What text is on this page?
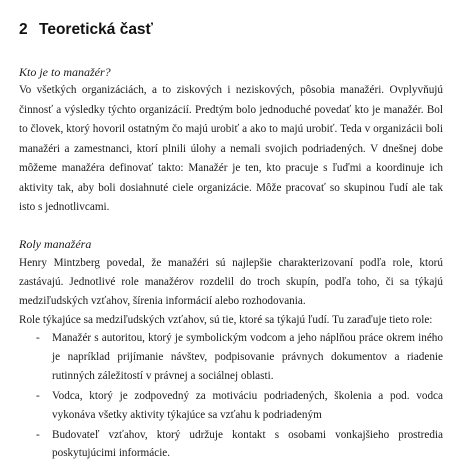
2 Teoretická časť

Kto je to manažér?

Vo všetkých organizáciách, a to ziskových i neziskových, pôsobia manažéri. Ovplyvňujú

činnosť a výsledky týchto organizácií. Predtým bolo jednoduché povedať kto je manažér. Bol

to človek, ktorý hovoril ostatným čo majú urobiť a ako to majú urobiť. Teda v organizácii boli

manažéri a zamestnanci, ktorí plnili úlohy a nemali svojich podriadených. V dnešnej dobe

môžeme manažéra definovať takto: Manažér je ten, kto pracuje s ľuďmi a koordinuje ich

aktivity tak, aby boli dosiahnuté ciele organizácie. Môže pracovať so skupinou ľudí ale tak

isto s jednotlivcami.

Roly manažéra

Henry Mintzberg povedal, že manažéri sú najlepšie charakterizovaní podľa role, ktorú

zastávajú. Jednotlivé role manažérov rozdelil do troch skupín, podľa toho, či sa týkajú

medziľudských vzťahov, šírenia informácií alebo rozhodovania.

Role týkajúce sa medziľudských vzťahov, sú tie, ktoré sa týkajú ľudí. Tu zaraďuje tieto role:

- Manažér s autoritou, ktorý je symbolickým vodcom a jeho náplňou práce okrem iného

je napríklad prijímanie návštev, podpisovanie právnych dokumentov a riadenie

rutinných záležitostí v právnej a sociálnej oblasti.

- Vodca, ktorý je zodpovedný za motiváciu podriadených, školenia a pod. vodca

vykonáva všetky aktivity týkajúce sa vzťahu k podriadeným

- Budovateľ vzťahov, ktorý udržuje kontakt s osobami vonkajšieho prostredia

poskytujúcimi informácie.
